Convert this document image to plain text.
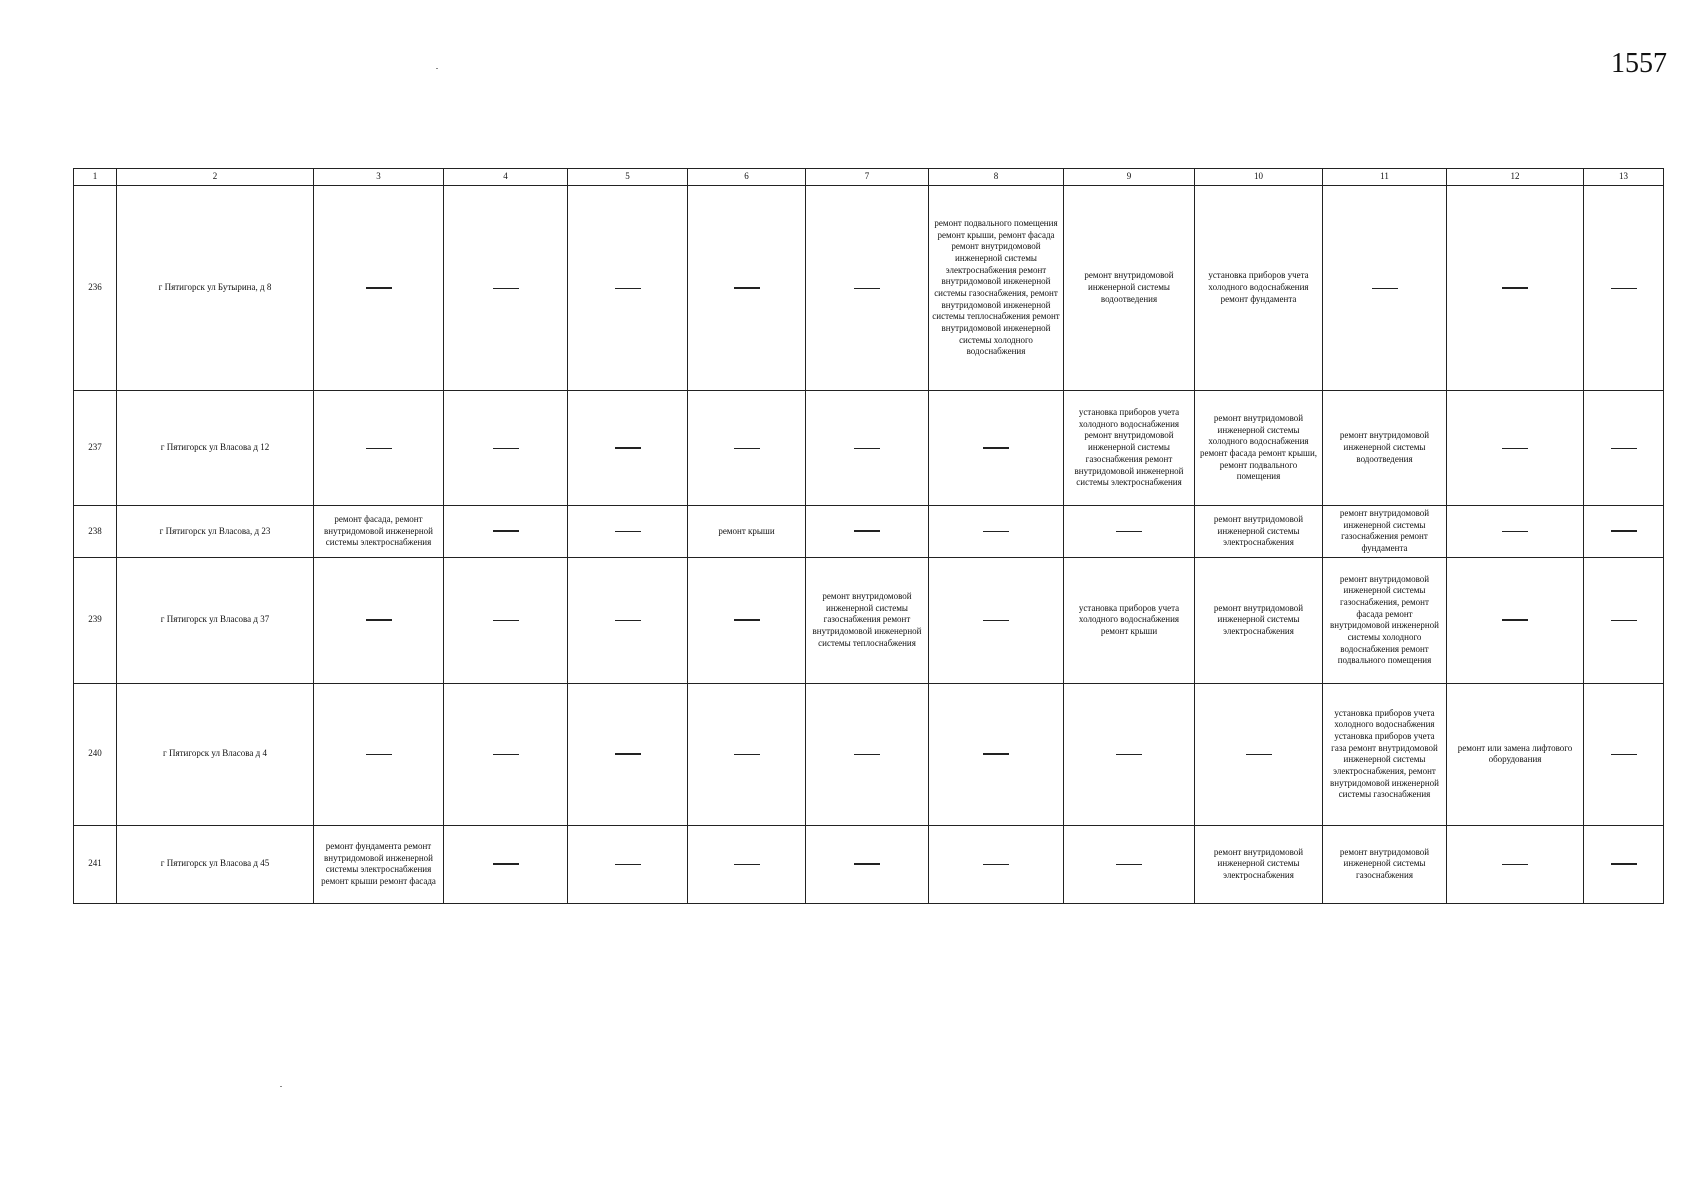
1557
1	2	3	4	5	6	7	8	9	10	11	12	13
236	г Пятигорск ул Бутырина, д 8						ремонт подвального помещения ремонт крыши, ремонт фасада ремонт внутридомовой инженерной системы электроснабжения ремонт внутридомовой инженерной системы газоснабжения, ремонт внутридомовой инженерной системы теплоснабжения ремонт внутридомовой инженерной системы холодного водоснабжения	ремонт внутридомовой инженерной системы водоотведения	установка приборов учета холодного водоснабжения ремонт фундамента			
237	г Пятигорск ул Власова д 12							установка приборов учета холодного водоснабжения ремонт внутридомовой инженерной системы газоснабжения ремонт внутридомовой инженерной системы электроснабжения	ремонт внутридомовой инженерной системы холодного водоснабжения ремонт фасада ремонт крыши, ремонт подвального помещения	ремонт внутридомовой инженерной системы водоотведения		
238	г Пятигорск ул Власова, д 23	ремонт фасада, ремонт внутридомовой инженерной системы электроснабжения			ремонт крыши				ремонт внутридомовой инженерной системы электроснабжения	ремонт внутридомовой инженерной системы газоснабжения ремонт фундамента		
239	г Пятигорск ул Власова д 37					ремонт внутридомовой инженерной системы газоснабжения ремонт внутридомовой инженерной системы теплоснабжения		установка приборов учета холодного водоснабжения ремонт крыши	ремонт внутридомовой инженерной системы электроснабжения	ремонт внутридомовой инженерной системы газоснабжения, ремонт фасада ремонт внутридомовой инженерной системы холодного водоснабжения ремонт подвального помещения		
240	г Пятигорск ул Власова д 4									установка приборов учета холодного водоснабжения установка приборов учета газа ремонт внутридомовой инженерной системы электроснабжения, ремонт внутридомовой инженерной системы газоснабжения	ремонт или замена лифтового оборудования	
241	г Пятигорск ул Власова д 45	ремонт фундамента ремонт внутридомовой инженерной системы электроснабжения ремонт крыши ремонт фасада							ремонт внутридомовой инженерной системы электроснабжения	ремонт внутридомовой инженерной системы газоснабжения		
